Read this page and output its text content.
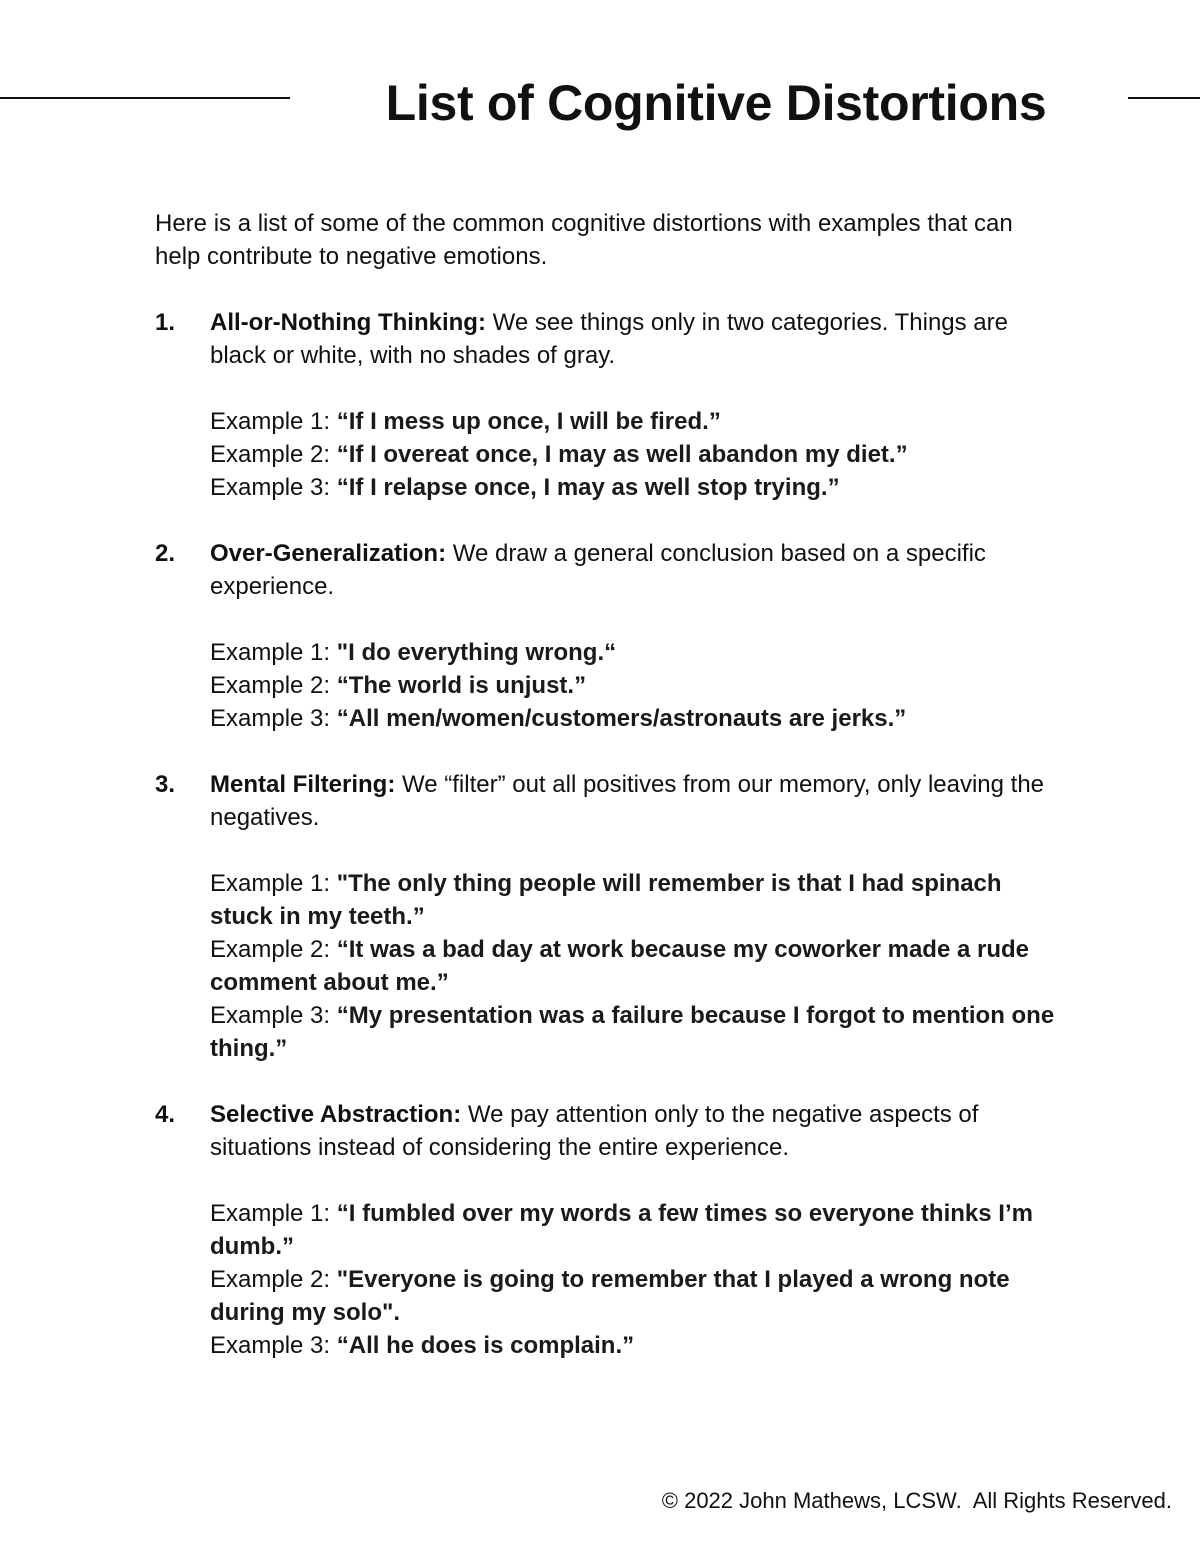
List of Cognitive Distortions

Here is a list of some of the common cognitive distortions with examples that can help contribute to negative emotions.

1. All-or-Nothing Thinking: We see things only in two categories. Things are black or white, with no shades of gray.

Example 1: “If I mess up once, I will be fired.”
Example 2: “If I overeat once, I may as well abandon my diet.”
Example 3: “If I relapse once, I may as well stop trying.”
2. Over-Generalization: We draw a general conclusion based on a specific experience.

Example 1: "I do everything wrong.“
Example 2: “The world is unjust.”
Example 3: “All men/women/customers/astronauts are jerks.”
3. Mental Filtering: We “filter” out all positives from our memory, only leaving the negatives.

Example 1: "The only thing people will remember is that I had spinach stuck in my teeth.”
Example 2: “It was a bad day at work because my coworker made a rude comment about me.”
Example 3: “My presentation was a failure because I forgot to mention one thing.”
4. Selective Abstraction: We pay attention only to the negative aspects of situations instead of considering the entire experience.

Example 1: “I fumbled over my words a few times so everyone thinks I’m dumb.”
Example 2: "Everyone is going to remember that I played a wrong note during my solo".
Example 3: “All he does is complain.”

© 2022 John Mathews, LCSW.  All Rights Reserved.
